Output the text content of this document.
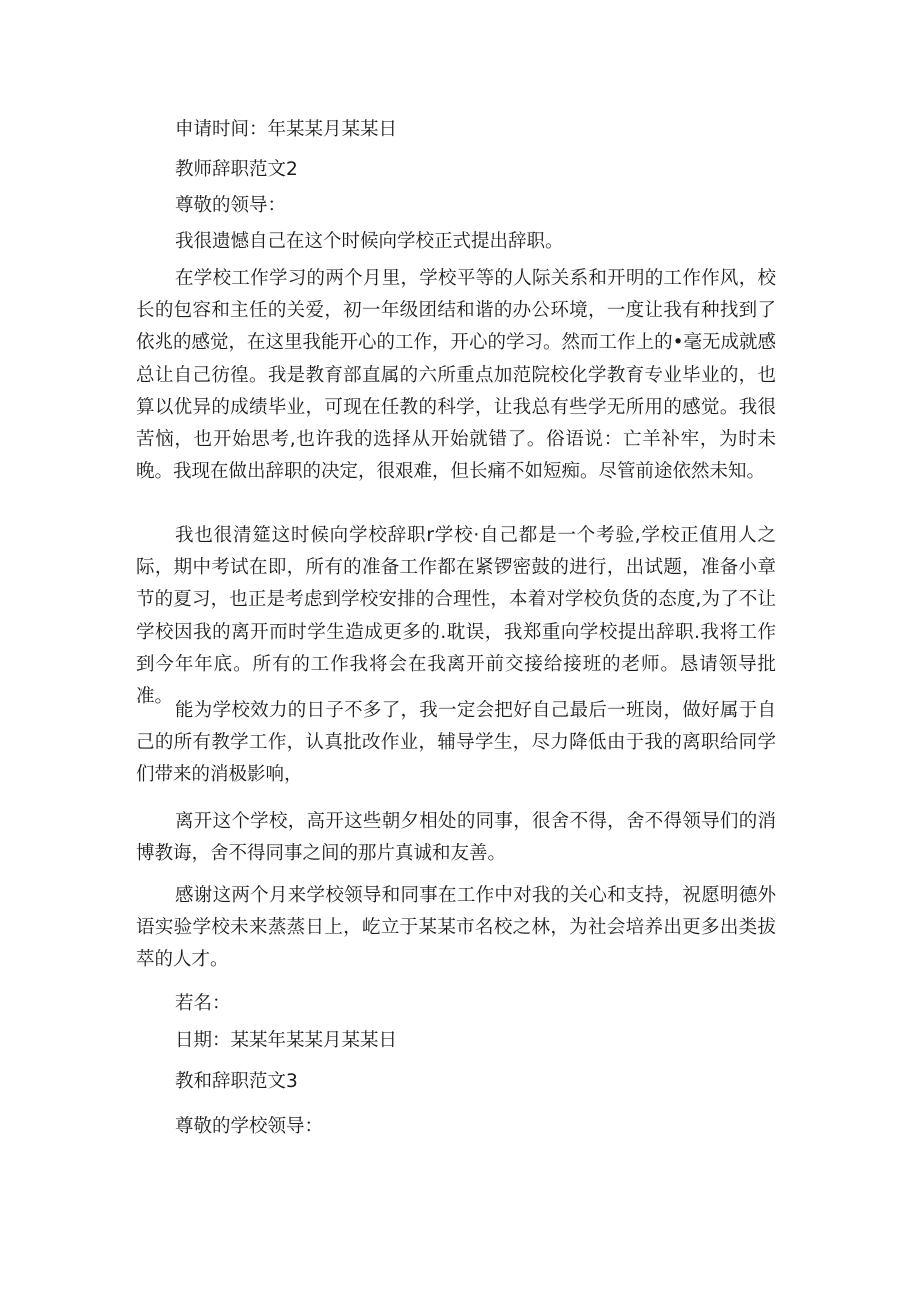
申请时间：年某某月某某日
教师辞职范文2
尊敬的领导：
我很遗憾自己在这个时候向学校正式提出辞职。
在学校工作学习的两个月里，学校平等的人际关系和开明的工作作风，校长的包容和主任的关爱，初一年级团结和谐的办公环境，一度让我有种找到了依兆的感觉，在这里我能开心的工作，开心的学习。然而工作上的•毫无成就感总让自己彷徨。我是教育部直属的六所重点加范院校化学教育专业毕业的，也算以优异的成绩毕业，可现在任教的科学，让我总有些学无所用的感觉。我很苦恼，也开始思考,也许我的选择从开始就错了。俗语说：亡羊补牢，为时未晚。我现在做出辞职的决定，很艰难，但长痛不如短痴。尽管前途依然未知。
我也很清筵这时候向学校辞职r学校·自己都是一个考验,学校正值用人之际，期中考试在即，所有的准备工作都在紧锣密鼓的进行，出试题，准备小章节的夏习，也正是考虑到学校安排的合理性，本着对学校负货的态度,为了不让学校因我的离开而时学生造成更多的.耽误，我郑重向学校提出辞职.我将工作到今年年底。所有的工作我将会在我离开前交接给接班的老师。恳请领导批准。
能为学校效力的日子不多了，我一定会把好自己最后一班岗，做好属于自己的所有教学工作，认真批改作业，辅导学生，尽力降低由于我的离职给同学们带来的消极影响，
离开这个学校，高开这些朝夕相处的同事，很舍不得，舍不得领导们的消博教诲，舍不得同事之间的那片真诚和友善。
感谢这两个月来学校领导和同事在工作中对我的关心和支持，祝愿明德外语实验学校未来蒸蒸日上，屹立于某某市名校之林，为社会培养出更多出类拔萃的人才。
若名：
日期：某某年某某月某某日
教和辞职范文3
尊敬的学校领导：
